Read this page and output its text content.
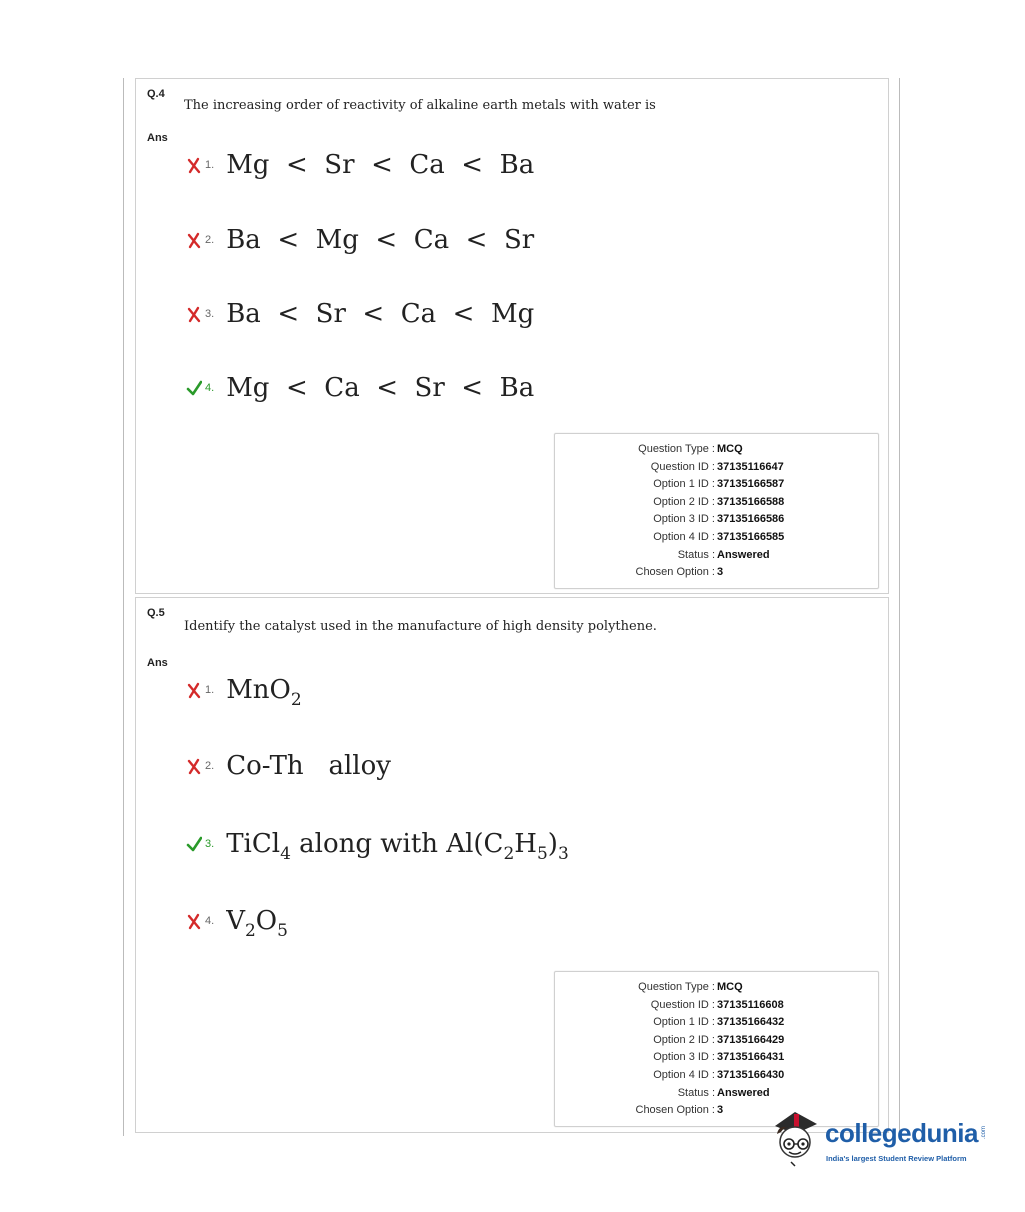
Q.4
The increasing order of reactivity of alkaline earth metals with water is
Ans
1. Mg  <  Sr  <  Ca  <  Ba
2. Ba  <  Mg  <  Ca  <  Sr
3. Ba  <  Sr  <  Ca  <  Mg
4. Mg  <  Ca  <  Sr  <  Ba
Question Type : MCQ
Question ID : 37135116647
Option 1 ID : 37135166587
Option 2 ID : 37135166588
Option 3 ID : 37135166586
Option 4 ID : 37135166585
Status : Answered
Chosen Option : 3
Q.5
Identify the catalyst used in the manufacture of high density polythene.
Ans
1. MnO$_2$
2. Co-Th   alloy
3. TiCl$_4$ along with $Al(C_2H_5)_3$
4. $V_2O_5$
Question Type : MCQ
Question ID : 37135116608
Option 1 ID : 37135166432
Option 2 ID : 37135166429
Option 3 ID : 37135166431
Option 4 ID : 37135166430
Status : Answered
Chosen Option : 3
collegedunia .com
India's largest Student Review Platform
